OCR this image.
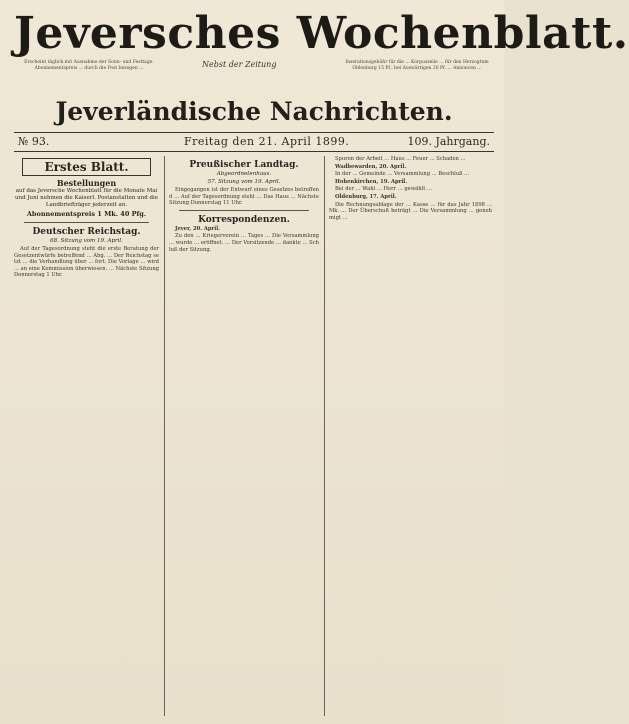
Jeversches Wochenblatt.
Erscheint täglich mit Ausnahme der Sonn- und Festtage. Abonnementspreis ... durch die Post bezogen ...	Nebst der Zeitung	Inserationsgebühr für die ... Korpuszeile ... für den Herzogtum Oldenburg 15 Pf., bei Auswärtigen 20 Pf. ... Annoncen ...
Jeverländische Nachrichten.
№ 93.	Freitag den 21. April 1899.	109. Jahrgang.
Erstes Blatt.
Bestellungen
auf das Jeversche Wochenblatt für die Monate Mai und Juni nehmen die Kaiserl. Postanstalten und die Landbriefträger jederzeit an.
Abonnementspreis 1 Mk. 40 Pfg.
Deutscher Reichstag.
68. Sitzung vom 19. April.

Auf der Tagesordnung steht die erste Beratung der Gesetzentwürfe betreffend ... Abg. ... Der Reichstag setzt ... die Verhandlung über ... fort. Die Vorlage ... wird ... an eine Kommission überwiesen. ... Nächste Sitzung Donnerstag 1 Uhr.

Preußischer Landtag.
Abgeordnetenhaus.
57. Sitzung vom 19. April.

Eingegangen ist der Entwurf eines Gesetzes betreffend ... Auf der Tagesordnung steht ... Das Haus ... Nächste Sitzung Donnerstag 11 Uhr.

Korrespondenzen.

Jever, 20. April.

Zu den ... Kriegerverein ... Tages ... Die Versammlung ... wurde ... eröffnet. ... Der Vorsitzende ... dankte ... Schluß der Sitzung.

Spuren der Arbeit ... Haus ... Feuer ... Schaden ...

Wadbewarden, 20. April.

In der ... Gemeinde ... Versammlung ... Beschluß ...

Hohenkirchen, 19. April.

Bei der ... Wahl ... Herr ... gewählt ...

Oldenburg, 17. April.

Die Rechnungsablage der ... Kasse ... für das Jahr 1898 ... Mk. ... Der Überschuß beträgt ... Die Versammlung ... genehmigt ...
